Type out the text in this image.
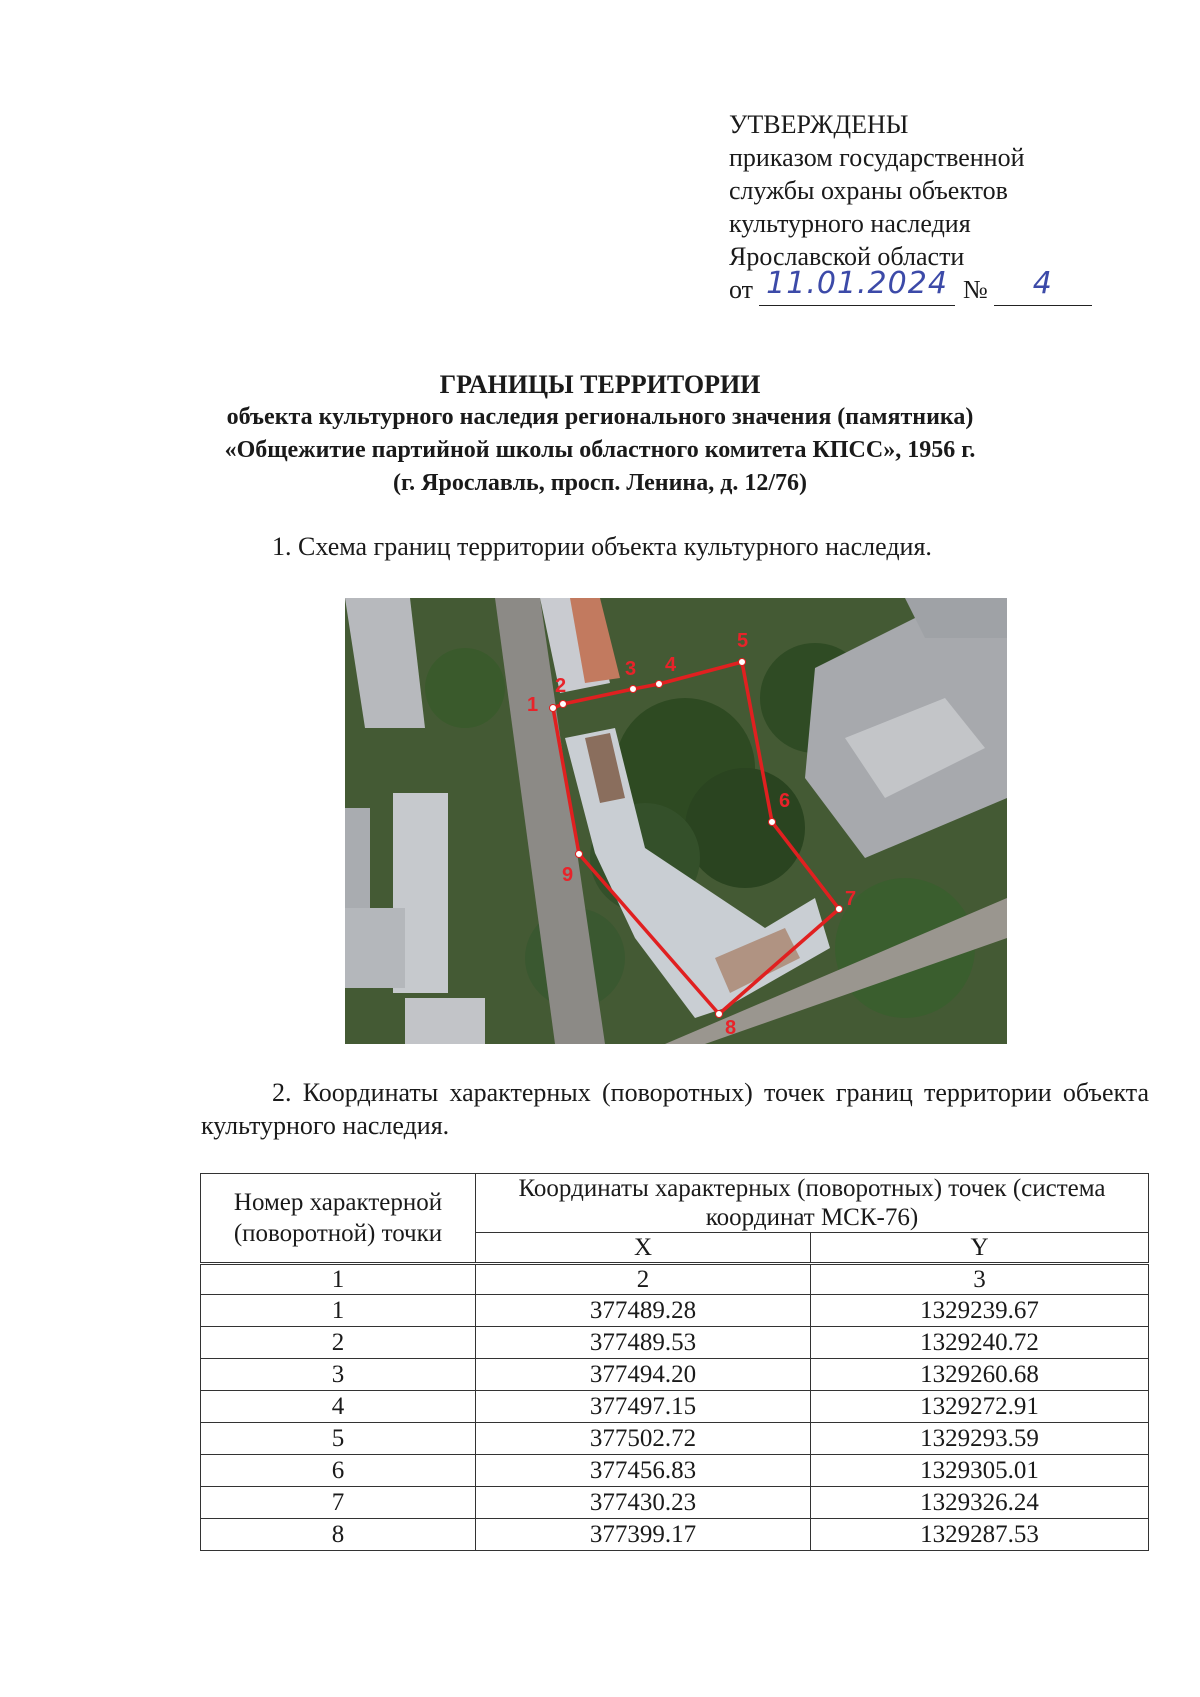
УТВЕРЖДЕНЫ
приказом государственной
службы охраны объектов
культурного наследия
Ярославской области
от 11.01.2024 №	4
ГРАНИЦЫ ТЕРРИТОРИИ
объекта культурного наследия регионального значения (памятника)
«Общежитие партийной школы областного комитета КПСС», 1956 г.
(г. Ярославль, просп. Ленина, д. 12/76)
1. Схема границ территории объекта культурного наследия.
1
2
3 4
5
6
7
8
9
2. Координаты характерных (поворотных) точек границ территории объекта культурного наследия.
Номер характерной (поворотной) точки	Координаты характерных (поворотных) точек (система координат МСК-76)	
	X	Y
1	2	3
1	377489.28	1329239.67
2	377489.53	1329240.72
3	377494.20	1329260.68
4	377497.15	1329272.91
5	377502.72	1329293.59
6	377456.83	1329305.01
7	377430.23	1329326.24
8	377399.17	1329287.53
